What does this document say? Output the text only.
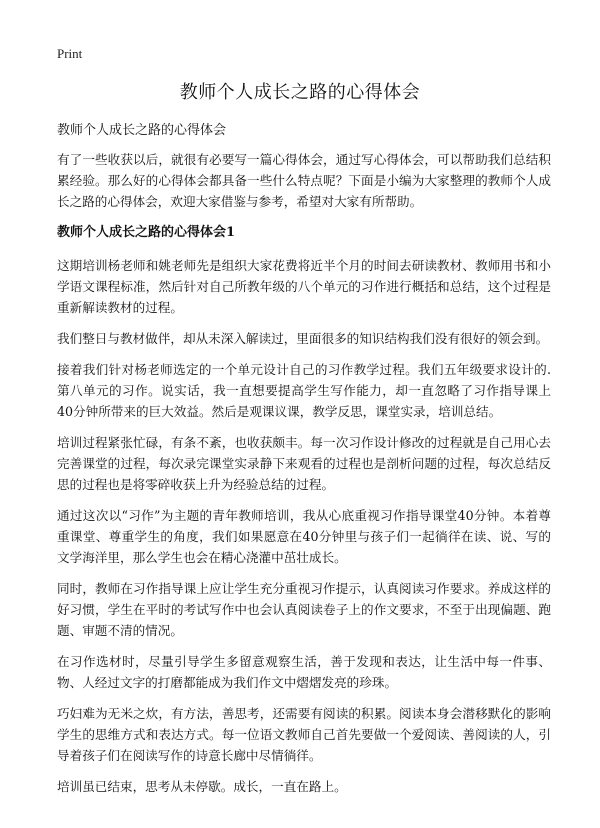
Print
教师个人成长之路的心得体会
教师个人成长之路的心得体会

有了一些收获以后，就很有必要写一篇心得体会，通过写心得体会，可以帮助我们总结积累经验。那么好的心得体会都具备一些什么特点呢？下面是小编为大家整理的教师个人成长之路的心得体会，欢迎大家借鉴与参考，希望对大家有所帮助。

教师个人成长之路的心得体会1

这期培训杨老师和姚老师先是组织大家花费将近半个月的时间去研读教材、教师用书和小学语文课程标准，然后针对自己所教年级的八个单元的习作进行概括和总结，这个过程是重新解读教材的过程。

我们整日与教材做伴，却从未深入解读过，里面很多的知识结构我们没有很好的领会到。

接着我们针对杨老师选定的一个单元设计自己的习作教学过程。我们五年级要求设计的.第八单元的习作。说实话，我一直想要提高学生写作能力，却一直忽略了习作指导课上40分钟所带来的巨大效益。然后是观课议课，教学反思，课堂实录，培训总结。

培训过程紧张忙碌，有条不紊，也收获颇丰。每一次习作设计修改的过程就是自己用心去完善课堂的过程，每次录完课堂实录静下来观看的过程也是剖析问题的过程，每次总结反思的过程也是将零碎收获上升为经验总结的过程。

通过这次以“习作”为主题的青年教师培训，我从心底重视习作指导课堂40分钟。本着尊重课堂、尊重学生的角度，我们如果愿意在40分钟里与孩子们一起徜徉在读、说、写的文学海洋里，那么学生也会在精心浇灌中茁壮成长。

同时，教师在习作指导课上应让学生充分重视习作提示，认真阅读习作要求。养成这样的好习惯，学生在平时的考试写作中也会认真阅读卷子上的作文要求，不至于出现偏题、跑题、审题不清的情况。

在习作选材时，尽量引导学生多留意观察生活，善于发现和表达，让生活中每一件事、物、人经过文字的打磨都能成为我们作文中熠熠发亮的珍珠。

巧妇难为无米之炊，有方法，善思考，还需要有阅读的积累。阅读本身会潜移默化的影响学生的思维方式和表达方式。每一位语文教师自己首先要做一个爱阅读、善阅读的人，引导着孩子们在阅读写作的诗意长廊中尽情徜徉。

培训虽已结束，思考从未停歇。成长，一直在路上。
